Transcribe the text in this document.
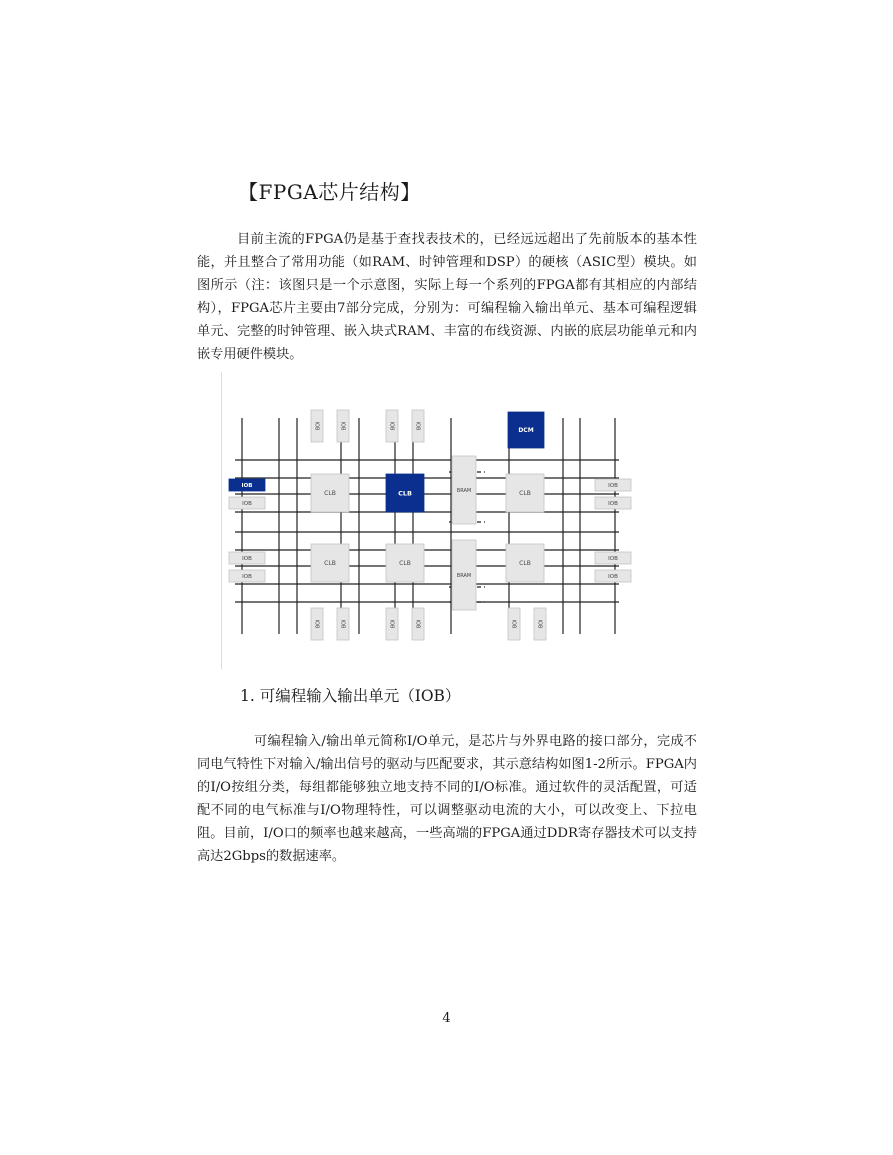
【FPGA芯片结构】

目前主流的FPGA仍是基于查找表技术的，已经远远超出了先前版本的基本性能，并且整合了常用功能（如RAM、时钟管理和DSP）的硬核（ASIC型）模块。如图所示（注：该图只是一个示意图，实际上每一个系列的FPGA都有其相应的内部结构），FPGA芯片主要由7部分完成，分别为：可编程输入输出单元、基本可编程逻辑单元、完整的时钟管理、嵌入块式RAM、丰富的布线资源、内嵌的底层功能单元和内嵌专用硬件模块。

CLB	CLB	CLB
CLB	CLB	CLB
BRAM
BRAM
DCM
IOB	IOB	IOB	IOB
IOB	IOB	IOB	IOB	IOB	IOB
IOB
IOB
IOB
IOB
IOB
IOB
IOB
IOB
1. 可编程输入输出单元（IOB）

可编程输入/输出单元简称I/O单元，是芯片与外界电路的接口部分，完成不同电气特性下对输入/输出信号的驱动与匹配要求，其示意结构如图1-2所示。FPGA内的I/O按组分类，每组都能够独立地支持不同的I/O标准。通过软件的灵活配置，可适配不同的电气标准与I/O物理特性，可以调整驱动电流的大小，可以改变上、下拉电阻。目前，I/O口的频率也越来越高，一些高端的FPGA通过DDR寄存器技术可以支持高达2Gbps的数据速率。

4
